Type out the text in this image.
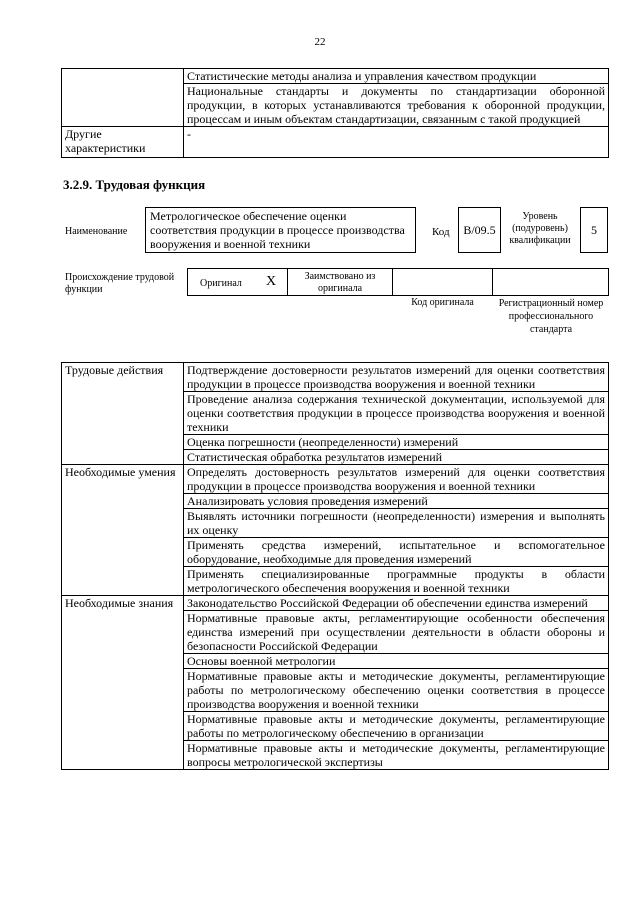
22
	Статистические методы анализа и управления качеством продукции
	Национальные стандарты и документы по стандартизации оборонной продукции, в которых устанавливаются требования к оборонной продукции, процессам и иным объектам стандартизации, связанным с такой продукцией
Другие характеристики	-
3.2.9. Трудовая функция
Наименование
Метрологическое обеспечение оценки соответствия продукции в процессе производства вооружения и военной техники
Код	B/09.5
Уровень (подуровень) квалификации
5
Происхождение трудовой функции
Оригинал X	Заимствовано из оригинала
Код оригинала	Регистрационный номер профессионального стандарта
Трудовые действия	Подтверждение достоверности результатов измерений для оценки соответствия продукции в процессе производства вооружения и военной техники
	Проведение анализа содержания технической документации, используемой для оценки соответствия продукции в процессе производства вооружения и военной техники
	Оценка погрешности (неопределенности) измерений
	Статистическая обработка результатов измерений
Необходимые умения	Определять достоверность результатов измерений для оценки соответствия продукции в процессе производства вооружения и военной техники
	Анализировать условия проведения измерений
	Выявлять источники погрешности (неопределенности) измерения и выполнять их оценку
	Применять средства измерений, испытательное и вспомогательное оборудование, необходимые для проведения измерений
	Применять специализированные программные продукты в области метрологического обеспечения вооружения и военной техники
Необходимые знания	Законодательство Российской Федерации об обеспечении единства измерений
	Нормативные правовые акты, регламентирующие особенности обеспечения единства измерений при осуществлении деятельности в области обороны и безопасности Российской Федерации
	Основы военной метрологии
	Нормативные правовые акты и методические документы, регламентирующие работы по метрологическому обеспечению оценки соответствия в процессе производства вооружения и военной техники
	Нормативные правовые акты и методические документы, регламентирующие работы по метрологическому обеспечению в организации
	Нормативные правовые акты и методические документы, регламентирующие вопросы метрологической экспертизы
